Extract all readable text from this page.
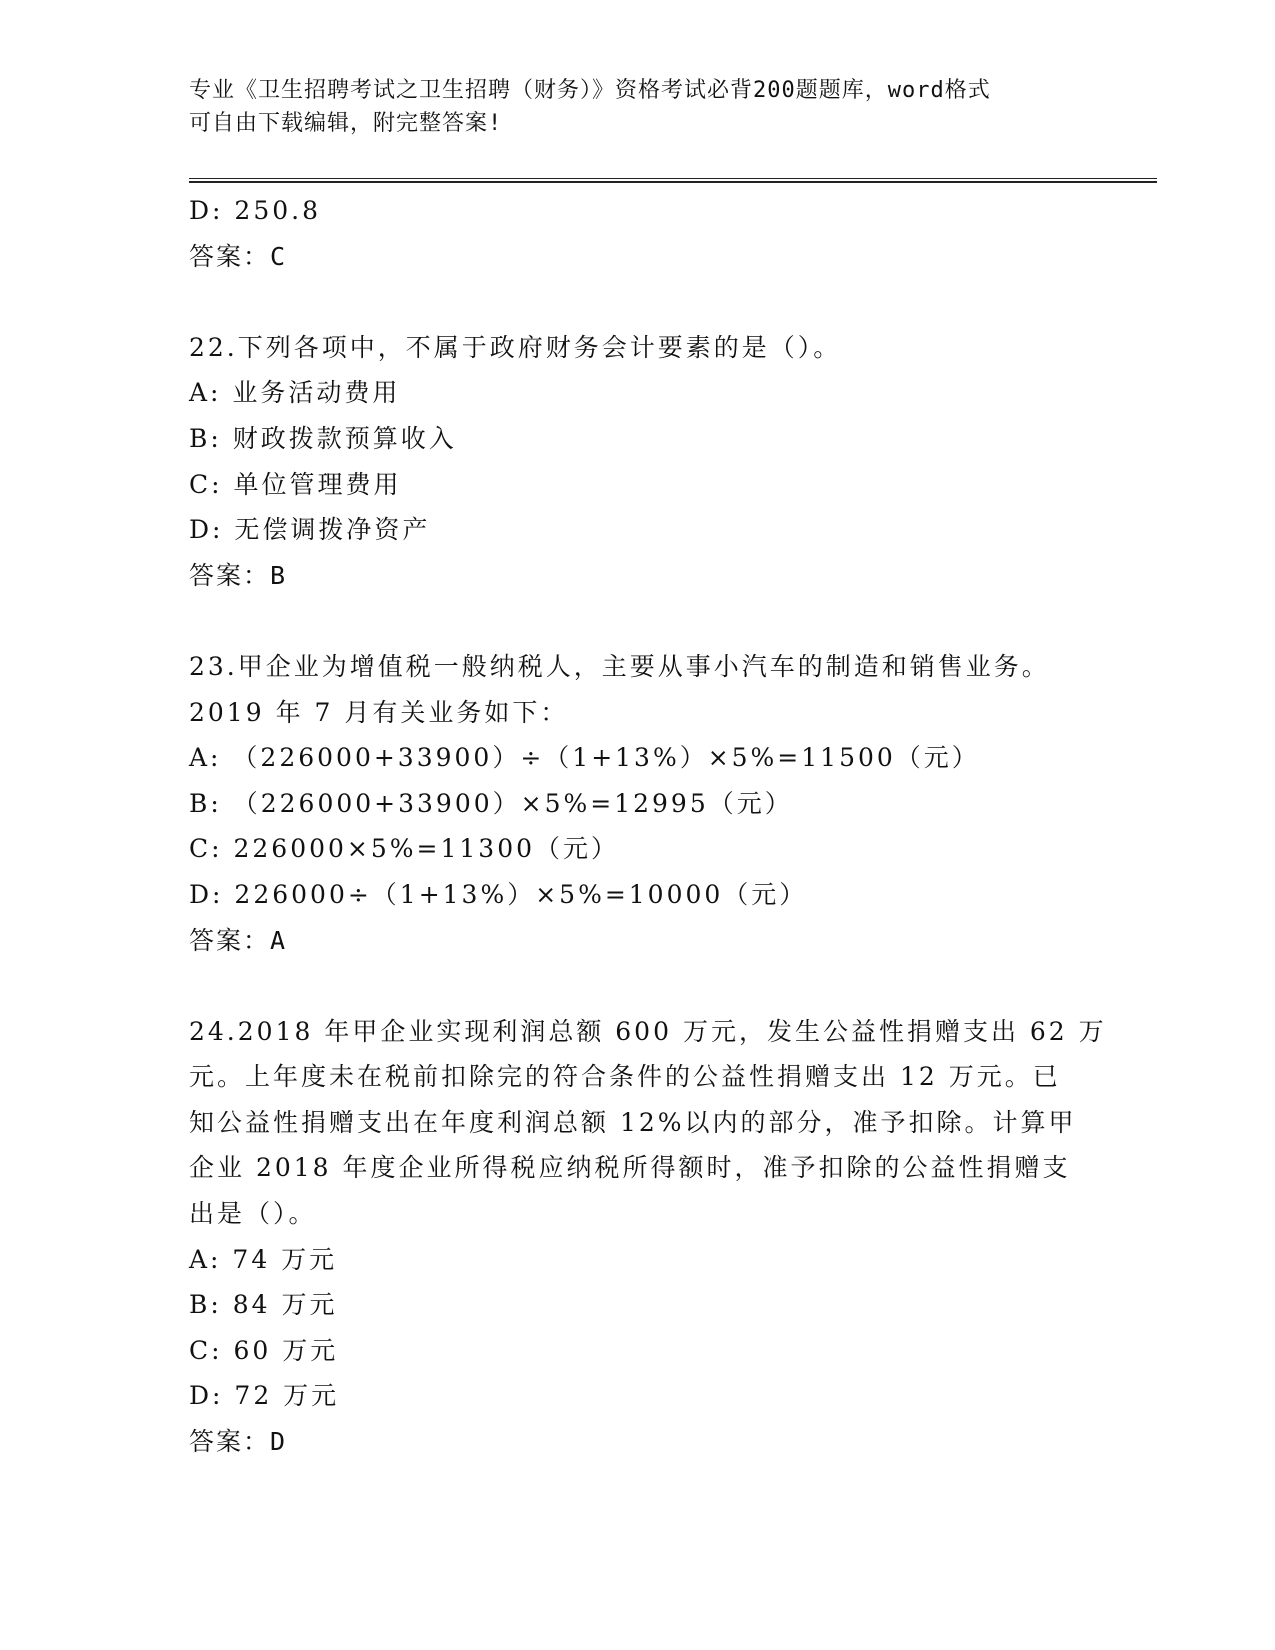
专业《卫生招聘考试之卫生招聘（财务）》资格考试必背200题题库，word格式
可自由下载编辑，附完整答案!
D: 250.8
答案：C
22.下列各项中，不属于政府财务会计要素的是（）。
A: 业务活动费用
B: 财政拨款预算收入
C: 单位管理费用
D: 无偿调拨净资产
答案：B
23.甲企业为增值税一般纳税人，主要从事小汽车的制造和销售业务。
2019 年 7 月有关业务如下：
A: （226000+33900）÷（1+13%）×5%=11500（元）
B: （226000+33900）×5%=12995（元）
C: 226000×5%=11300（元）
D: 226000÷（1+13%）×5%=10000（元）
答案：A
24.2018 年甲企业实现利润总额 600 万元，发生公益性捐赠支出 62 万
元。上年度未在税前扣除完的符合条件的公益性捐赠支出 12 万元。已
知公益性捐赠支出在年度利润总额 12%以内的部分，准予扣除。计算甲
企业 2018 年度企业所得税应纳税所得额时，准予扣除的公益性捐赠支
出是（）。
A: 74 万元
B: 84 万元
C: 60 万元
D: 72 万元
答案：D
